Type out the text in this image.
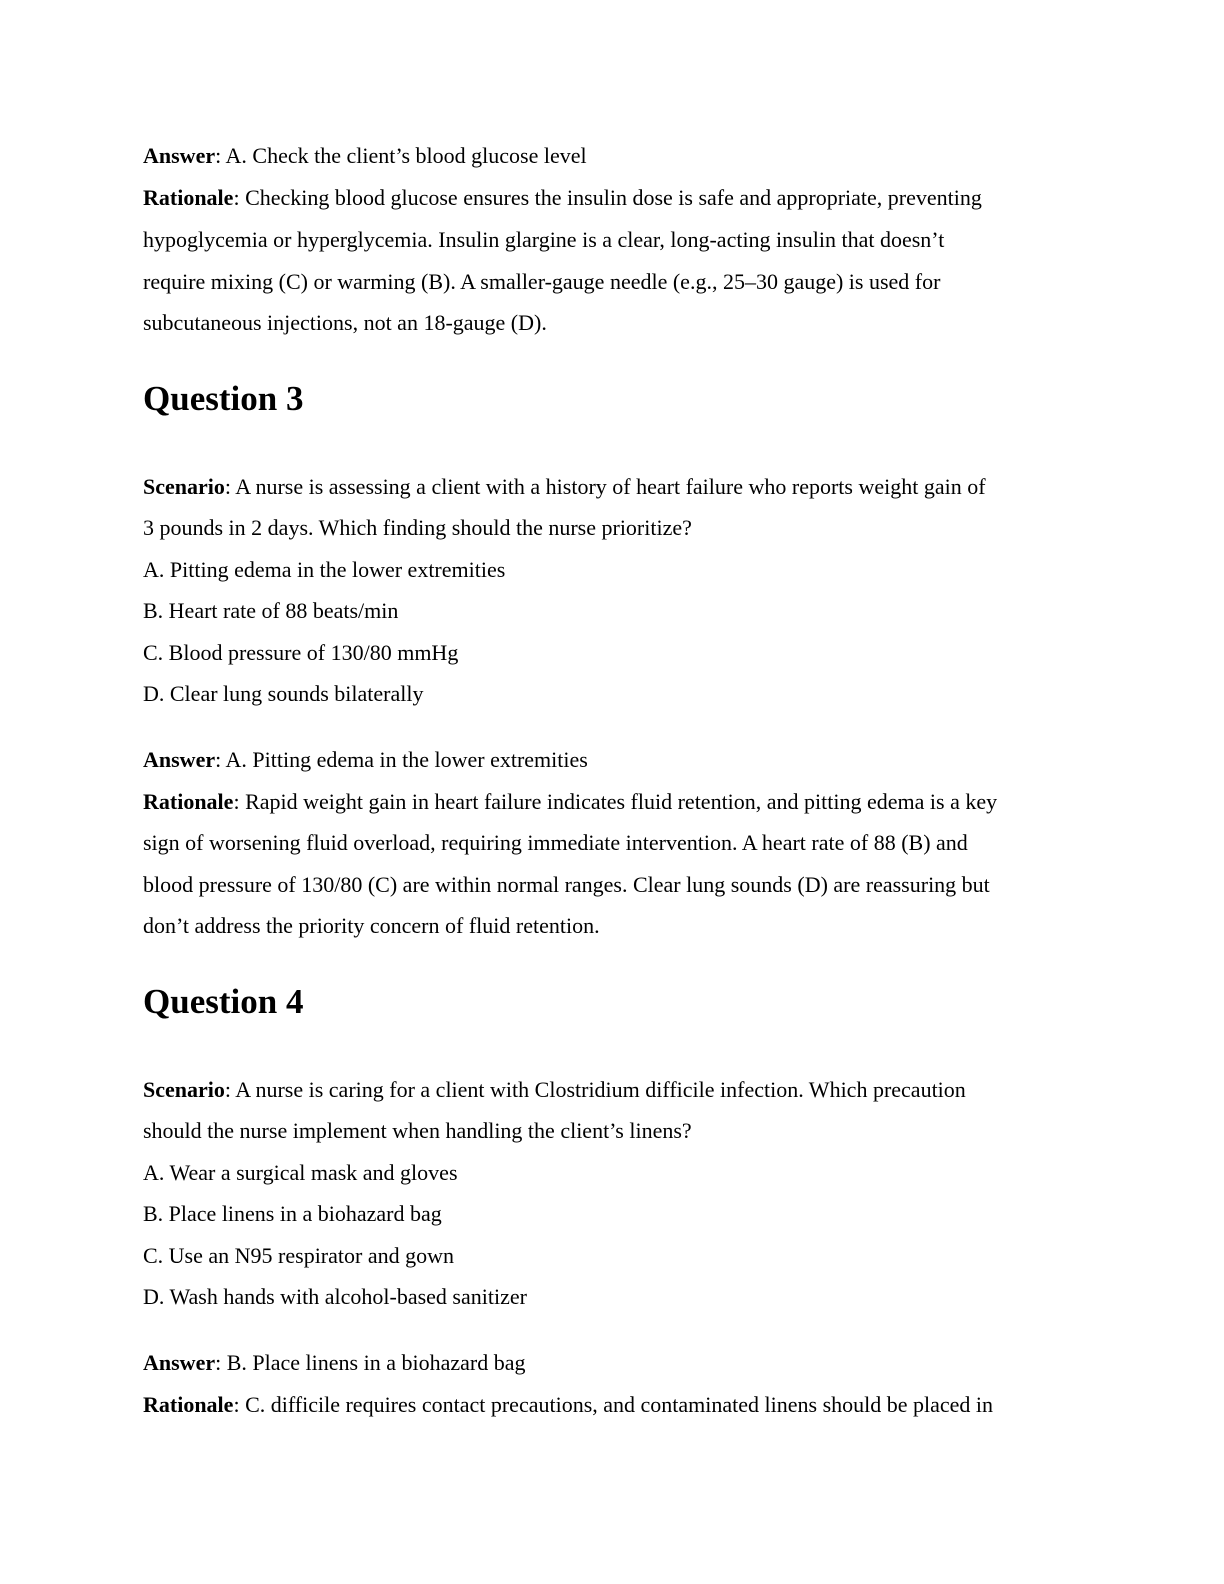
Answer: A. Check the client’s blood glucose level
Rationale: Checking blood glucose ensures the insulin dose is safe and appropriate, preventing
hypoglycemia or hyperglycemia. Insulin glargine is a clear, long-acting insulin that doesn’t
require mixing (C) or warming (B). A smaller-gauge needle (e.g., 25–30 gauge) is used for
subcutaneous injections, not an 18-gauge (D).
Question 3
Scenario: A nurse is assessing a client with a history of heart failure who reports weight gain of
3 pounds in 2 days. Which finding should the nurse prioritize?
A. Pitting edema in the lower extremities
B. Heart rate of 88 beats/min
C. Blood pressure of 130/80 mmHg
D. Clear lung sounds bilaterally
Answer: A. Pitting edema in the lower extremities
Rationale: Rapid weight gain in heart failure indicates fluid retention, and pitting edema is a key
sign of worsening fluid overload, requiring immediate intervention. A heart rate of 88 (B) and
blood pressure of 130/80 (C) are within normal ranges. Clear lung sounds (D) are reassuring but
don’t address the priority concern of fluid retention.
Question 4
Scenario: A nurse is caring for a client with Clostridium difficile infection. Which precaution
should the nurse implement when handling the client’s linens?
A. Wear a surgical mask and gloves
B. Place linens in a biohazard bag
C. Use an N95 respirator and gown
D. Wash hands with alcohol-based sanitizer
Answer: B. Place linens in a biohazard bag
Rationale: C. difficile requires contact precautions, and contaminated linens should be placed in
